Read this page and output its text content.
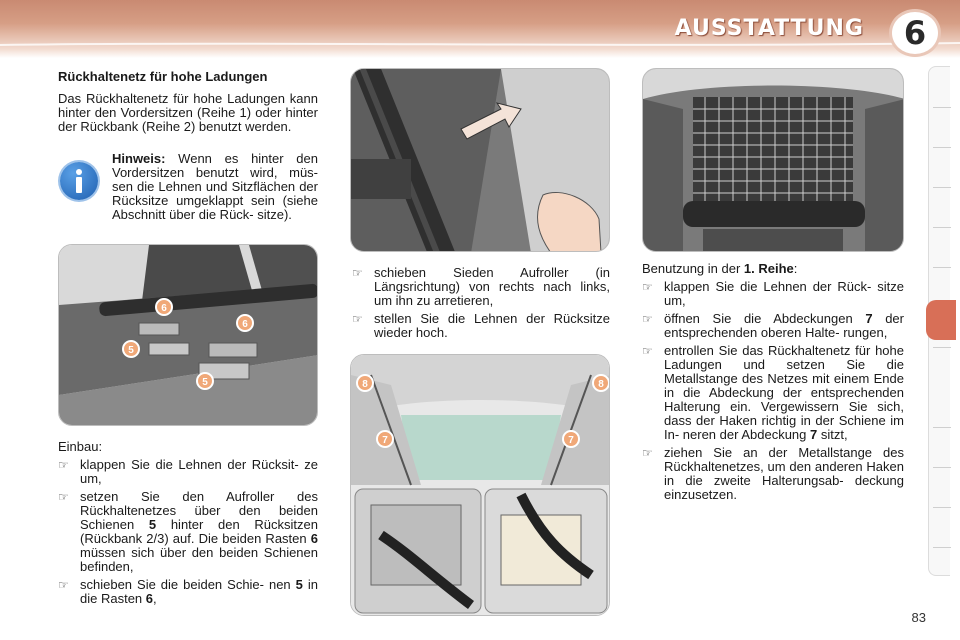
AUSSTATTUNG	6
Rückhaltenetz für hohe Ladungen

Das Rückhaltenetz für hohe Ladungen kann hinter den Vordersitzen (Reihe 1) oder hinter der Rückbank (Reihe 2) benutzt werden.

Hinweis: Wenn es hinter den Vordersitzen benutzt wird, müs- sen die Lehnen und Sitzflächen der Rücksitze umgeklappt sein (siehe Abschnitt über die Rück- sitze).
6
6
5
5
Einbau:
☞ klappen Sie die Lehnen der Rücksit- ze um,
☞ setzen Sie den Aufroller des Rückhaltenetzes über den beiden Schienen 5 hinter den Rücksitzen (Rückbank 2/3) auf. Die beiden Rasten 6 müssen sich über den beiden Schienen befinden,
☞ schieben Sie die beiden Schie- nen 5 in die Rasten 6,
☞ schieben Sieden Aufroller (in Längsrichtung) von rechts nach links, um ihn zu arretieren,
☞ stellen Sie die Lehnen der Rücksitze wieder hoch.
8	8
7	7
Benutzung in der 1. Reihe:
☞ klappen Sie die Lehnen der Rück- sitze um,
☞ öffnen Sie die Abdeckungen 7 der entsprechenden oberen Halte- rungen,
☞ entrollen Sie das Rückhaltenetz für hohe Ladungen und setzen Sie die Metallstange des Netzes mit einem Ende in die Abdeckung der entsprechenden Halterung ein. Vergewissern Sie sich, dass der Haken richtig in der Schiene im In- neren der Abdeckung 7 sitzt,
☞ ziehen Sie an der Metallstange des Rückhaltenetzes, um den anderen Haken in die zweite Halterungsab- deckung einzusetzen.
83
